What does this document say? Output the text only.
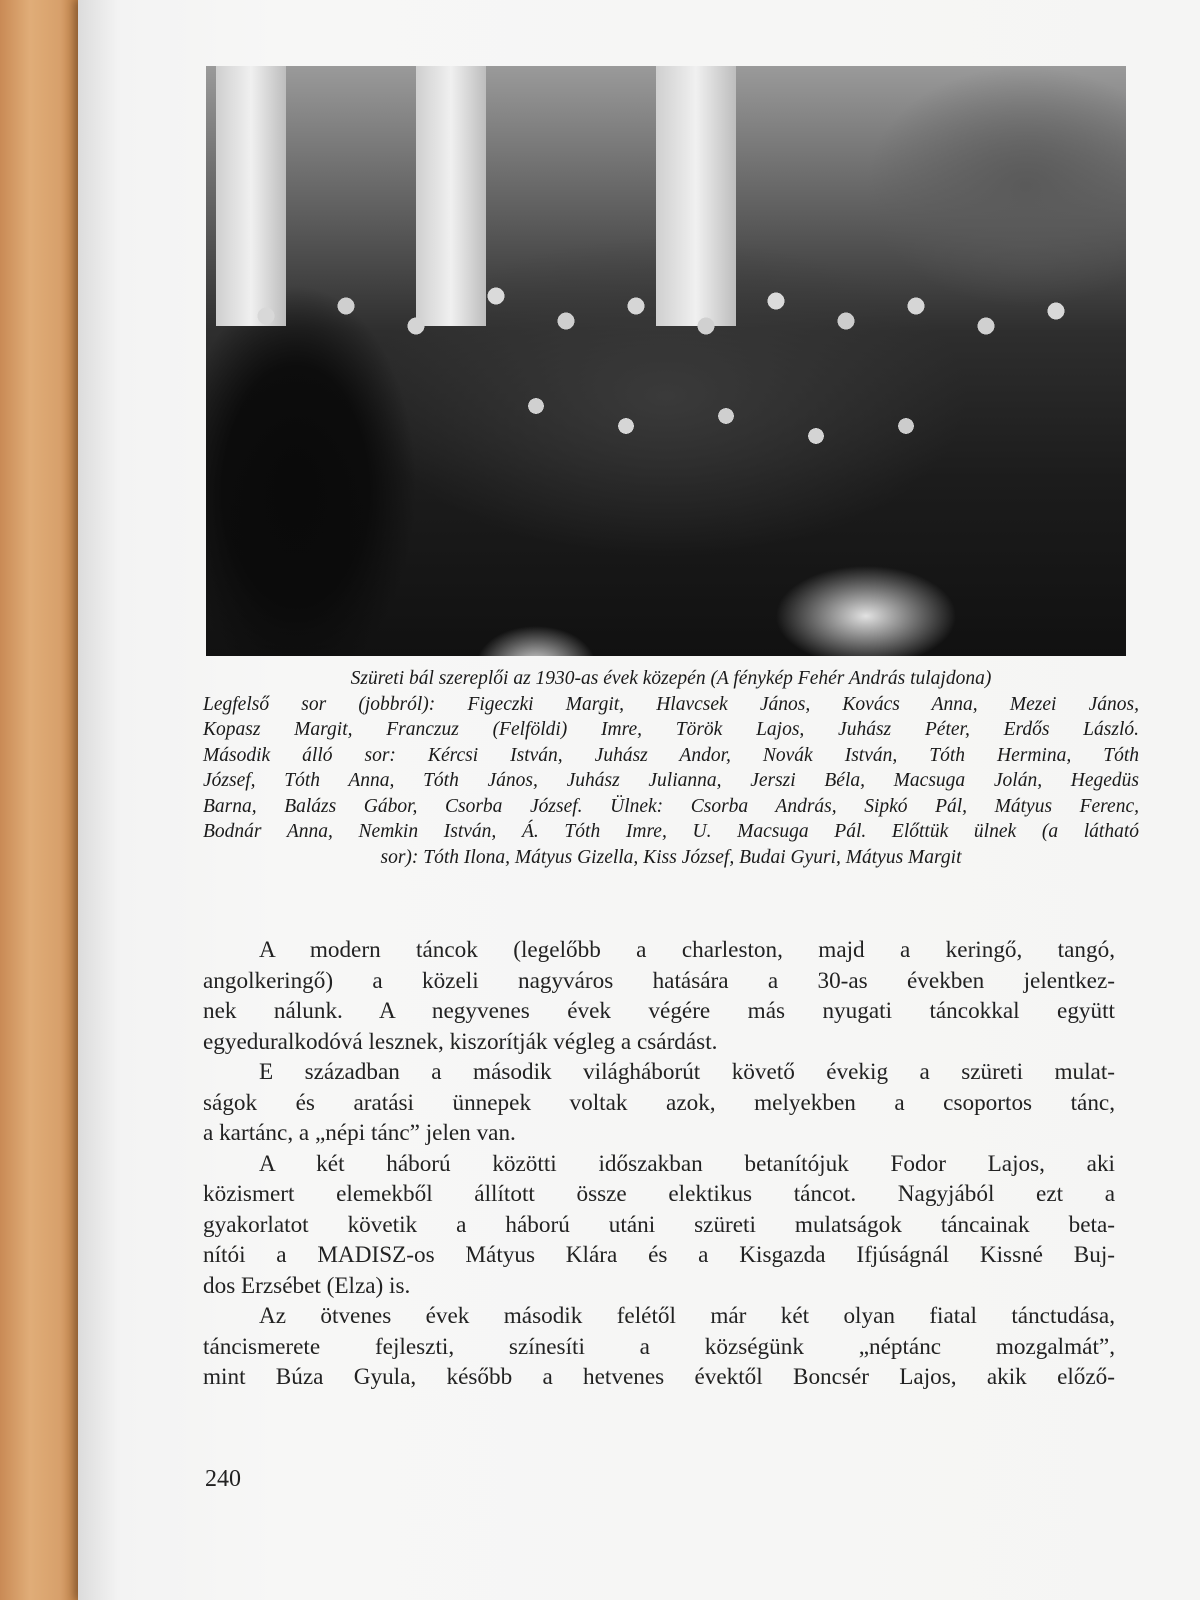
Szüreti bál szereplői az 1930-as évek közepén (A fénykép Fehér András tulajdona)
Legfelső sor (jobbról): Figeczki Margit, Hlavcsek János, Kovács Anna, Mezei János,
Kopasz Margit, Franczuz (Felföldi) Imre, Török Lajos, Juhász Péter, Erdős László.
Második álló sor: Kércsi István, Juhász Andor, Novák István, Tóth Hermina, Tóth
József, Tóth Anna, Tóth János, Juhász Julianna, Jerszi Béla, Macsuga Jolán, Hegedüs
Barna, Balázs Gábor, Csorba József. Ülnek: Csorba András, Sipkó Pál, Mátyus Ferenc,
Bodnár Anna, Nemkin István, Á. Tóth Imre, U. Macsuga Pál. Előttük ülnek (a látható
sor): Tóth Ilona, Mátyus Gizella, Kiss József, Budai Gyuri, Mátyus Margit
A modern táncok (legelőbb a charleston, majd a keringő, tangó,
angolkeringő) a közeli nagyváros hatására a 30-as években jelentkez-
nek nálunk. A negyvenes évek végére más nyugati táncokkal együtt
egyeduralkodóvá lesznek, kiszorítják végleg a csárdást.
E században a második világháborút követő évekig a szüreti mulat-
ságok és aratási ünnepek voltak azok, melyekben a csoportos tánc,
a kartánc, a „népi tánc” jelen van.
A két háború közötti időszakban betanítójuk Fodor Lajos, aki
közismert elemekből állított össze elektikus táncot. Nagyjából ezt a
gyakorlatot követik a háború utáni szüreti mulatságok táncainak beta-
nítói a MADISZ-os Mátyus Klára és a Kisgazda Ifjúságnál Kissné Buj-
dos Erzsébet (Elza) is.
Az ötvenes évek második felétől már két olyan fiatal tánctudása,
táncismerete fejleszti, színesíti a községünk „néptánc mozgalmát”,
mint Búza Gyula, később a hetvenes évektől Boncsér Lajos, akik előző-
240
